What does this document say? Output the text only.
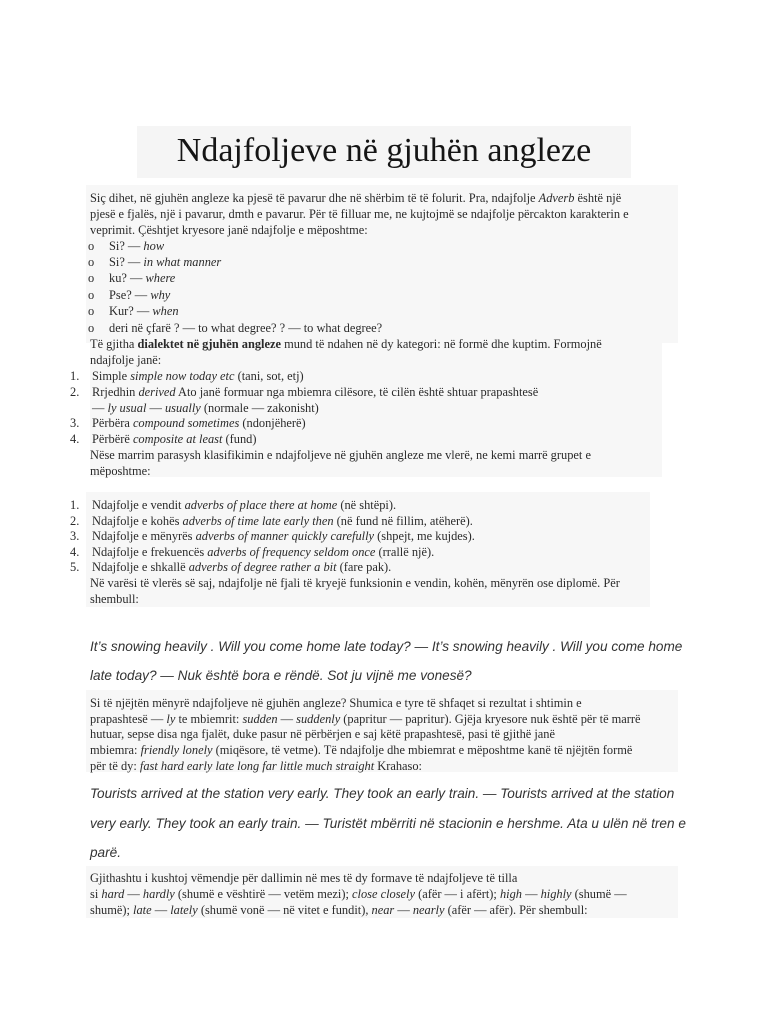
Ndajfoljeve në gjuhën angleze
Siç dihet, në gjuhën angleze ka pjesë të pavarur dhe në shërbim të të folurit. Pra, ndajfolje Adverb është një
pjesë e fjalës, një i pavarur, dmth e pavarur. Për të filluar me, ne kujtojmë se ndajfolje përcakton karakterin e
veprimit. Çështjet kryesore janë ndajfolje e mëposhtme:
o Si? — how
o Si? — in what manner
o ku? — where
o Pse? — why
o Kur? — when
o deri në çfarë ? — to what degree? ? — to what degree?
Të gjitha dialektet në gjuhën angleze mund të ndahen në dy kategori: në formë dhe kuptim. Formojnë
ndajfolje janë:
1. Simple simple now today etc (tani, sot, etj)
2. Rrjedhin derived Ato janë formuar nga mbiemra cilësore, të cilën është shtuar prapashtesë
— ly usual — usually (normale — zakonisht)
3. Përbëra compound sometimes (ndonjëherë)
4. Përbërë composite at least (fund)
Nëse marrim parasysh klasifikimin e ndajfoljeve në gjuhën angleze me vlerë, ne kemi marrë grupet e
mëposhtme:
1. Ndajfolje e vendit adverbs of place there at home (në shtëpi).
2. Ndajfolje e kohës adverbs of time late early then (në fund në fillim, atëherë).
3. Ndajfolje e mënyrës adverbs of manner quickly carefully (shpejt, me kujdes).
4. Ndajfolje e frekuencës adverbs of frequency seldom once (rrallë një).
5. Ndajfolje e shkallë adverbs of degree rather a bit (fare pak).
Në varësi të vlerës së saj, ndajfolje në fjali të kryejë funksionin e vendin, kohën, mënyrën ose diplomë. Për
shembull:
It’s snowing heavily . Will you come home late today? — It’s snowing heavily . Will you come home
late today? — Nuk është bora e rëndë. Sot ju vijnë me vonesë?
Si të njëjtën mënyrë ndajfoljeve në gjuhën angleze? Shumica e tyre të shfaqet si rezultat i shtimin e
prapashtesë — ly te mbiemrit: sudden — suddenly (papritur — papritur). Gjëja kryesore nuk është për të marrë
hutuar, sepse disa nga fjalët, duke pasur në përbërjen e saj këtë prapashtesë, pasi të gjithë janë
mbiemra: friendly lonely (miqësore, të vetme). Të ndajfolje dhe mbiemrat e mëposhtme kanë të njëjtën formë
për të dy: fast hard early late long far little much straight Krahaso:
Tourists arrived at the station very early. They took an early train. — Tourists arrived at the station
very early. They took an early train. — Turistët mbërriti në stacionin e hershme. Ata u ulën në tren e
parë.
Gjithashtu i kushtoj vëmendje për dallimin në mes të dy formave të ndajfoljeve të tilla
si hard — hardly (shumë e vështirë — vetëm mezi); close closely (afër — i afërt); high — highly (shumë —
shumë); late — lately (shumë vonë — në vitet e fundit), near — nearly (afër — afër). Për shembull:
